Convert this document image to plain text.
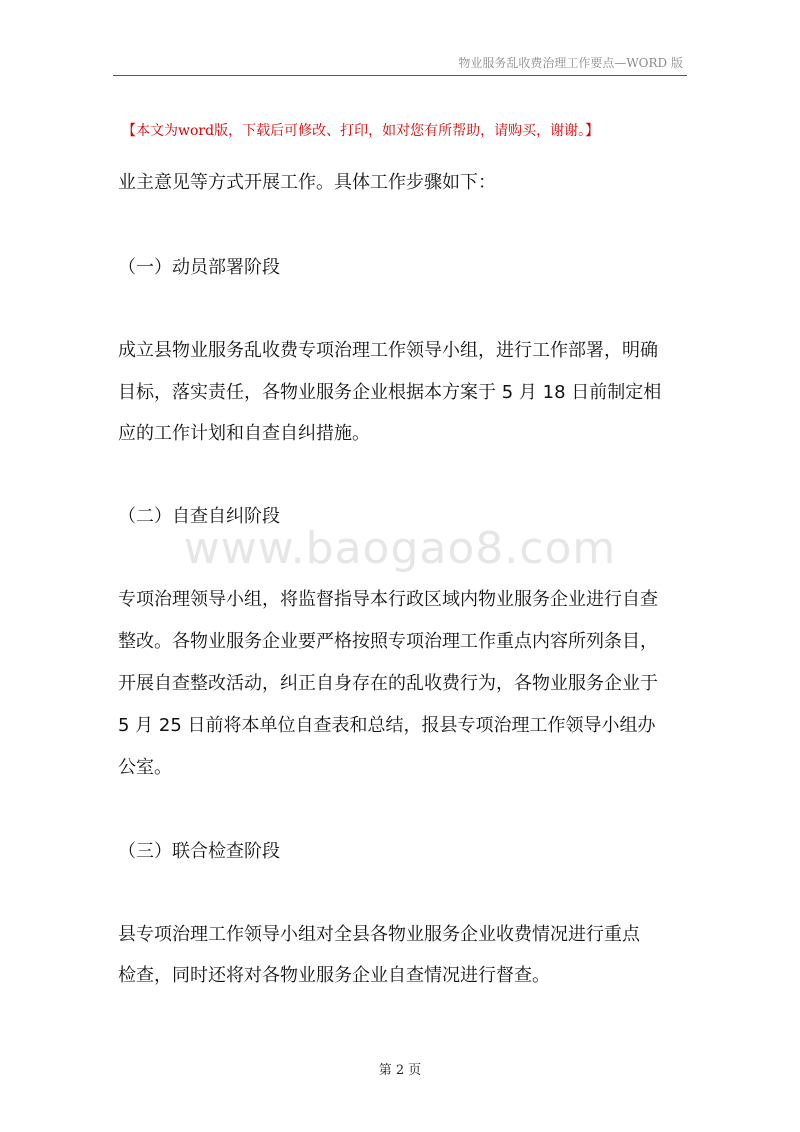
物业服务乱收费治理工作要点—WORD 版
【本文为word版，下载后可修改、打印，如对您有所帮助，请购买，谢谢。】
业主意见等方式开展工作。具体工作步骤如下：
（一）动员部署阶段
成立县物业服务乱收费专项治理工作领导小组，进行工作部署，明确
目标，落实责任，各物业服务企业根据本方案于 5 月 18 日前制定相
应的工作计划和自查自纠措施。
（二）自查自纠阶段
www.baogao8.com
专项治理领导小组，将监督指导本行政区域内物业服务企业进行自查
整改。各物业服务企业要严格按照专项治理工作重点内容所列条目，
开展自查整改活动，纠正自身存在的乱收费行为，各物业服务企业于
5 月 25 日前将本单位自查表和总结，报县专项治理工作领导小组办
公室。
（三）联合检查阶段
县专项治理工作领导小组对全县各物业服务企业收费情况进行重点
检查，同时还将对各物业服务企业自查情况进行督查。
第 2 页
